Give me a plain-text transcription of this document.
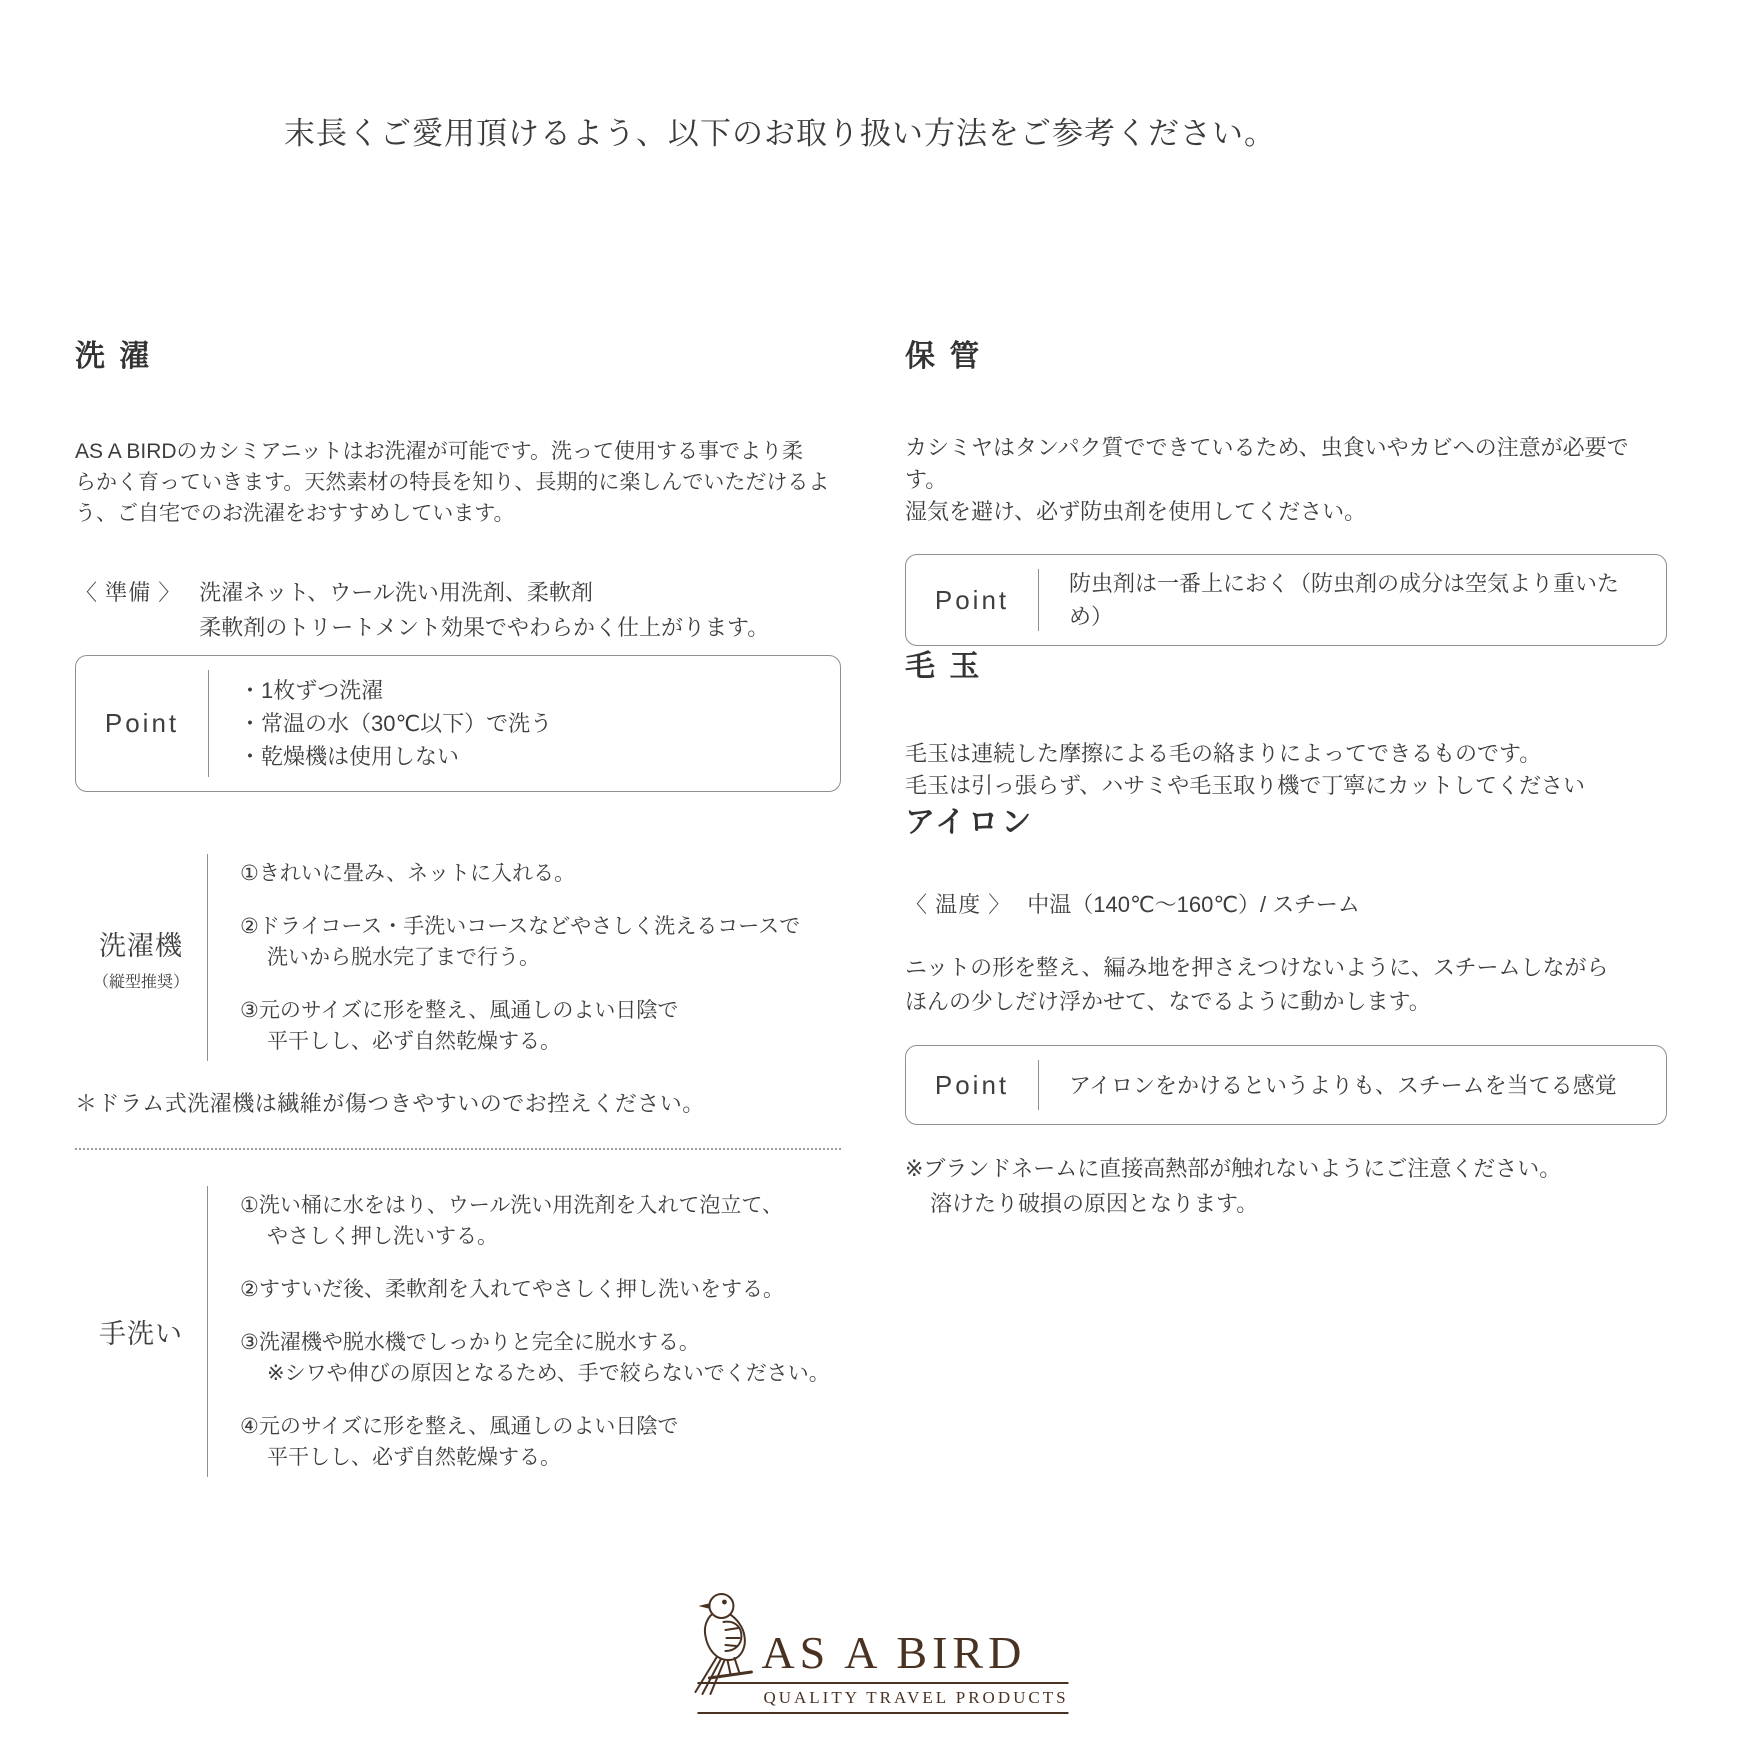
末長くご愛用頂けるよう、以下のお取り扱い方法をご参考ください。
洗 濯
AS A BIRDのカシミアニットはお洗濯が可能です。洗って使用する事でより柔
らかく育っていきます。天然素材の特長を知り、長期的に楽しんでいただけるよ
う、ご自宅でのお洗濯をおすすめしています。
〈 準備 〉 洗濯ネット、ウール洗い用洗剤、柔軟剤
柔軟剤のトリートメント効果でやわらかく仕上がります。
Point
・1枚ずつ洗濯
・常温の水（30℃以下）で洗う
・乾燥機は使用しない
洗濯機
（縦型推奨）
①きれいに畳み、ネットに入れる。
②ドライコース・手洗いコースなどやさしく洗えるコースで
洗いから脱水完了まで行う。
③元のサイズに形を整え、風通しのよい日陰で
平干しし、必ず自然乾燥する。
＊ドラム式洗濯機は繊維が傷つきやすいのでお控えください。
手洗い
①洗い桶に水をはり、ウール洗い用洗剤を入れて泡立て、
やさしく押し洗いする。
②すすいだ後、柔軟剤を入れてやさしく押し洗いをする。
③洗濯機や脱水機でしっかりと完全に脱水する。
※シワや伸びの原因となるため、手で絞らないでください。
④元のサイズに形を整え、風通しのよい日陰で
平干しし、必ず自然乾燥する。
保 管
カシミヤはタンパク質でできているため、虫食いやカビへの注意が必要です。
湿気を避け、必ず防虫剤を使用してください。
Point
防虫剤は一番上におく（防虫剤の成分は空気より重いため）
毛 玉
毛玉は連続した摩擦による毛の絡まりによってできるものです。
毛玉は引っ張らず、ハサミや毛玉取り機で丁寧にカットしてください
アイロン
〈 温度 〉 中温（140℃～160℃）/ スチーム
ニットの形を整え、編み地を押さえつけないように、スチームしながら
ほんの少しだけ浮かせて、なでるように動かします。
Point	アイロンをかけるというよりも、スチームを当てる感覚
※ブランドネームに直接高熱部が触れないようにご注意ください。
溶けたり破損の原因となります。
AS A BIRD
QUALITY TRAVEL PRODUCTS
